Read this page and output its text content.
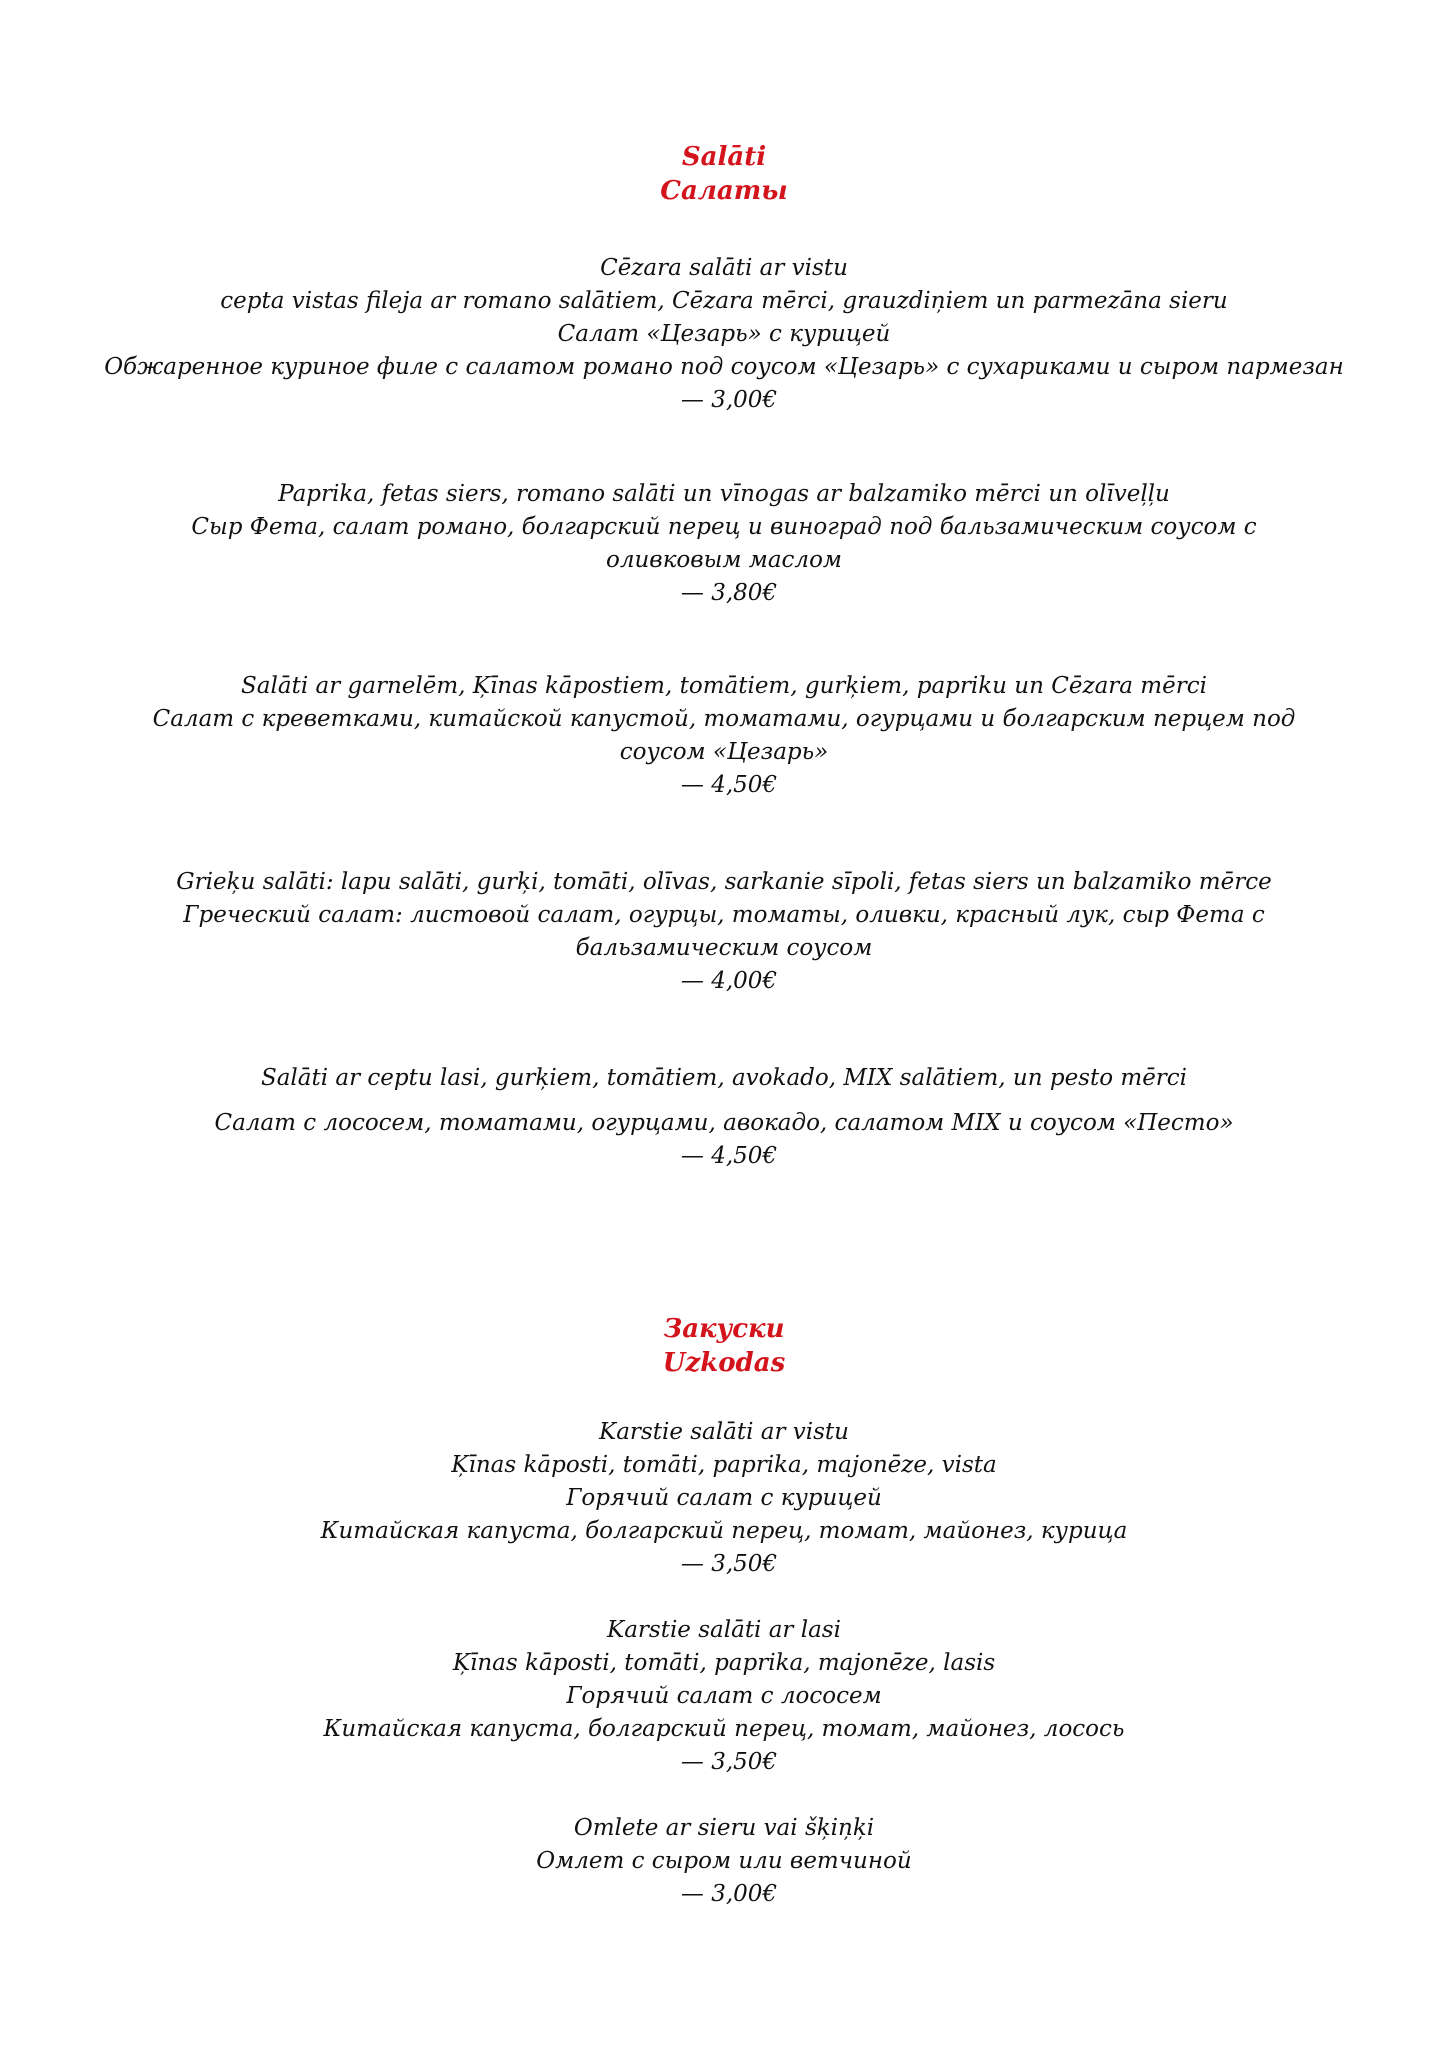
Salāti
Салаты
Cēzara salāti ar vistu
cepta vistas fileja ar romano salātiem, Cēzara mērci, grauzdiņiem un parmezāna sieru
Салат «Цезарь» с курицей
Обжаренное куриное филе с салатом романо под соусом «Цезарь» с сухариками и сыром пармезан
— 3,00€
Paprika, fetas siers, romano salāti un vīnogas ar balzamiko mērci un olīveļļu
Сыр Фета, салат романо, болгарский перец и виноград под бальзамическим соусом с оливковым маслом
— 3,80€
Salāti ar garnelēm, Ķīnas kāpostiem, tomātiem, gurķiem, papriku un Cēzara mērci
Салат с креветками, китайской капустой, томатами, огурцами и болгарским перцем под соусом «Цезарь»
— 4,50€
Grieķu salāti: lapu salāti, gurķi, tomāti, olīvas, sarkanie sīpoli, fetas siers un balzamiko mērce
Греческий салат: листовой салат, огурцы, томаты, оливки, красный лук, сыр Фета с бальзамическим соусом
— 4,00€
Salāti ar ceptu lasi, gurķiem, tomātiem, avokado, MIX salātiem, un pesto mērci
Салат с лососем, томатами, огурцами, авокадо, салатом MIX и соусом «Песто»
— 4,50€
Закуски
Uzkodas
Karstie salāti ar vistu
Ķīnas kāposti, tomāti, paprika, majonēze, vista
Горячий салат с курицей
Китайская капуста, болгарский перец, томат, майонез, курица
— 3,50€
Karstie salāti ar lasi
Ķīnas kāposti, tomāti, paprika, majonēze, lasis
Горячий салат с лососем
Китайская капуста, болгарский перец, томат, майонез, лосось
— 3,50€
Omlete ar sieru vai šķiņķi
Омлет с сыром или ветчиной
— 3,00€
